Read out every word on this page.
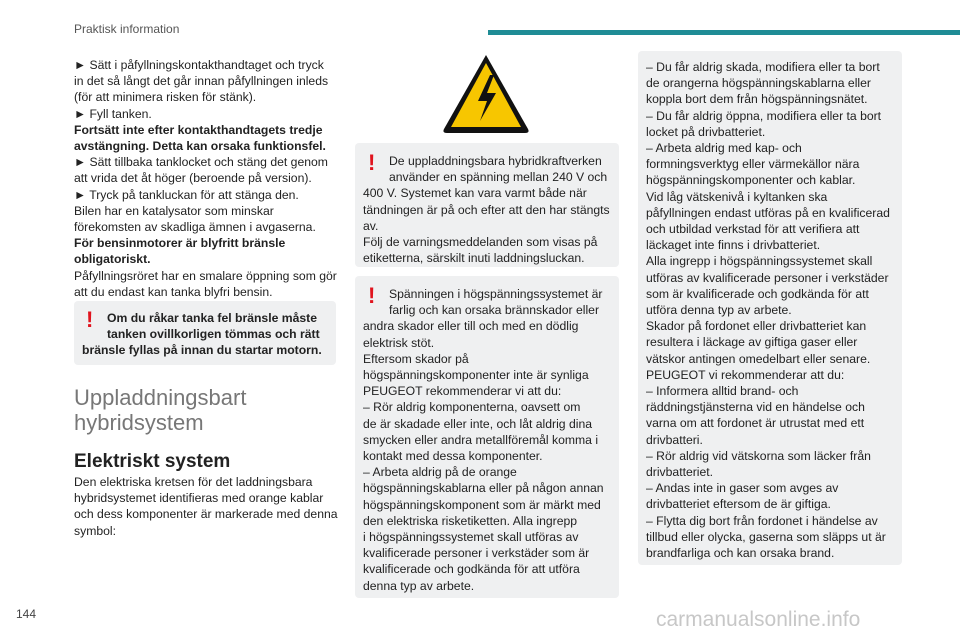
Praktisk information

► Sätt i påfyllningskontakthandtaget och tryck

in det så långt det går innan påfyllningen inleds

(för att minimera risken för stänk).

► Fyll tanken.

Fortsätt inte efter kontakthandtagets tredje

avstängning. Detta kan orsaka funktionsfel.

► Sätt tillbaka tanklocket och stäng det genom

att vrida det åt höger (beroende på version).

► Tryck på tankluckan för att stänga den.

Bilen har en katalysator som minskar

förekomsten av skadliga ämnen i avgaserna.

För bensinmotorer är blyfritt bränsle

obligatoriskt.

Påfyllningsröret har en smalare öppning som gör

att du endast kan tanka blyfri bensin.

!	Om du råkar tanka fel bränsle måste

tanken ovillkorligen tömmas och rätt

bränsle fyllas på innan du startar motorn.

Uppladdningsbart
hybridsystem
Elektriskt system

Den elektriska kretsen för det laddningsbara

hybridsystemet identifieras med orange kablar

och dess komponenter är markerade med denna

symbol:

!	De uppladdningsbara hybridkraftverken

använder en spänning mellan 240 V och

400 V. Systemet kan vara varmt både när

tändningen är på och efter att den har stängts

av.

Följ de varningsmeddelanden som visas på

etiketterna, särskilt inuti laddningsluckan.

!	Spänningen i högspänningssystemet är

farlig och kan orsaka brännskador eller

andra skador eller till och med en dödlig

elektrisk stöt.

Eftersom skador på

högspänningskomponenter inte är synliga

PEUGEOT rekommenderar vi att du:

– Rör aldrig komponenterna, oavsett om

de är skadade eller inte, och låt aldrig dina

smycken eller andra metallföremål komma i

kontakt med dessa komponenter.

– Arbeta aldrig på de orange

högspänningskablarna eller på någon annan

högspänningskomponent som är märkt med

den elektriska risketiketten. Alla ingrepp

i högspänningssystemet skall utföras av

kvalificerade personer i verkstäder som är

kvalificerade och godkända för att utföra

denna typ av arbete.

– Du får aldrig skada, modifiera eller ta bort

de orangerna högspänningskablarna eller

koppla bort dem från högspänningsnätet.

– Du får aldrig öppna, modifiera eller ta bort

locket på drivbatteriet.

– Arbeta aldrig med kap- och

formningsverktyg eller värmekällor nära

högspänningskomponenter och kablar.

Vid låg vätskenivå i kyltanken ska

påfyllningen endast utföras på en kvalificerad

och utbildad verkstad för att verifiera att

läckaget inte finns i drivbatteriet.

Alla ingrepp i högspänningssystemet skall

utföras av kvalificerade personer i verkstäder

som är kvalificerade och godkända för att

utföra denna typ av arbete.

Skador på fordonet eller drivbatteriet kan

resultera i läckage av giftiga gaser eller

vätskor antingen omedelbart eller senare.

PEUGEOT vi rekommenderar att du:

– Informera alltid brand- och

räddningstjänsterna vid en händelse och

varna om att fordonet är utrustat med ett

drivbatteri.

– Rör aldrig vid vätskorna som läcker från

drivbatteriet.

– Andas inte in gaser som avges av

drivbatteriet eftersom de är giftiga.

– Flytta dig bort från fordonet i händelse av

tillbud eller olycka, gaserna som släpps ut är

brandfarliga och kan orsaka brand.

144	carmanualsonline.info
